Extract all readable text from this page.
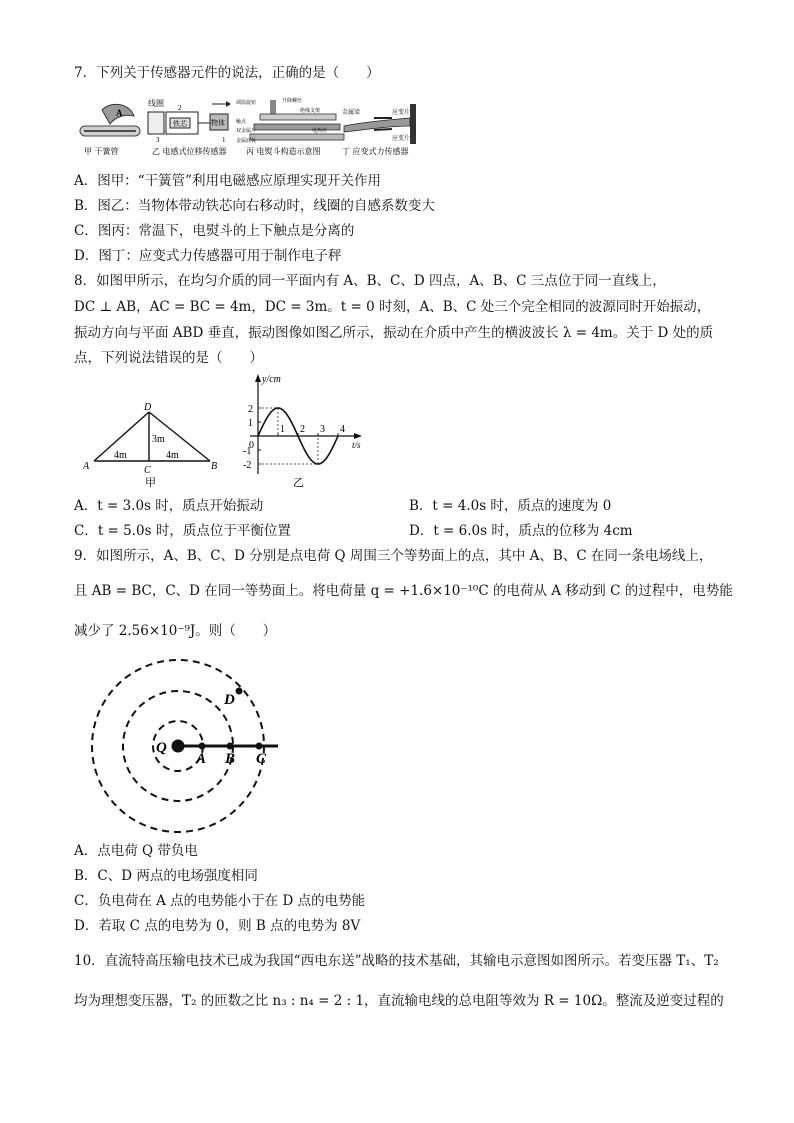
7．下列关于传感器元件的说法，正确的是（　　）
A
甲 干簧管
线圈
铁芯	物体
2
3	1
乙 电感式位移传感器
调温旋钮	升降螺丝
绝缘支架
触点
双金属片
金属底板
电热丝
丙 电熨斗构造示意图
金属梁	应变片
应变片
丁 应变式力传感器
A．图甲：“干簧管”利用电磁感应原理实现开关作用
B．图乙：当物体带动铁芯向右移动时，线圈的自感系数变大
C．图丙：常温下，电熨斗的上下触点是分离的
D．图丁：应变式力传感器可用于制作电子秤
8．如图甲所示，在均匀介质的同一平面内有 A、B、C、D 四点，A、B、C 三点位于同一直线上，
DC ⊥ AB，AC = BC = 4m，DC = 3m。t = 0 时刻，A、B、C 处三个完全相同的波源同时开始振动，
振动方向与平面 ABD 垂直，振动图像如图乙所示，振动在介质中产生的横波波长 λ = 4m。关于 D 处的质
点，下列说法错误的是（　　）
A	B
C
D
4m	4m
3m
甲
y/cm
t/s
0
2
1
-1
-2
1 2 3 4
乙
A．t = 3.0s 时，质点开始振动	B．t = 4.0s 时，质点的速度为 0
C．t = 5.0s 时，质点位于平衡位置	D．t = 6.0s 时，质点的位移为 4cm
9．如图所示，A、B、C、D 分别是点电荷 Q 周围三个等势面上的点，其中 A、B、C 在同一条电场线上，
且 AB = BC，C、D 在同一等势面上。将电荷量 q = +1.6×10⁻¹⁰C 的电荷从 A 移动到 C 的过程中，电势能
减少了 2.56×10⁻⁹J。则（　　）
Q
A B C
D
A．点电荷 Q 带负电
B．C、D 两点的电场强度相同
C．负电荷在 A 点的电势能小于在 D 点的电势能
D．若取 C 点的电势为 0，则 B 点的电势为 8V
10．直流特高压输电技术已成为我国“西电东送”战略的技术基础，其输电示意图如图所示。若变压器 T₁、T₂
均为理想变压器，T₂ 的匝数之比 n₃ : n₄ = 2 : 1，直流输电线的总电阻等效为 R = 10Ω。整流及逆变过程的
